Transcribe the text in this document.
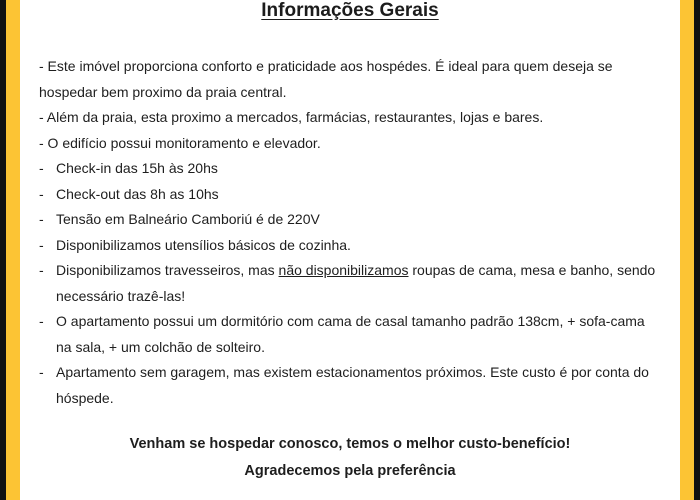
Informações Gerais

- Este imóvel proporciona conforto e praticidade aos hospédes. É ideal para quem deseja se hospedar bem proximo da praia central.

- Além da praia, esta proximo a mercados, farmácias, restaurantes, lojas e bares.

- O edifício possui monitoramento e elevador.

- Check-in das 15h às 20hs
- Check-out das 8h as 10hs
- Tensão em Balneário Camboriú é de 220V
- Disponibilizamos utensílios básicos de cozinha.
- Disponibilizamos travesseiros, mas não disponibilizamos roupas de cama, mesa e banho, sendo necessário trazê-las!
- O apartamento possui um dormitório com cama de casal tamanho padrão 138cm, + sofa-cama na sala, + um colchão de solteiro.
- Apartamento sem garagem, mas existem estacionamentos próximos. Este custo é por conta do hóspede.
Venham se hospedar conosco, temos o melhor custo-benefício!
Agradecemos pela preferência
